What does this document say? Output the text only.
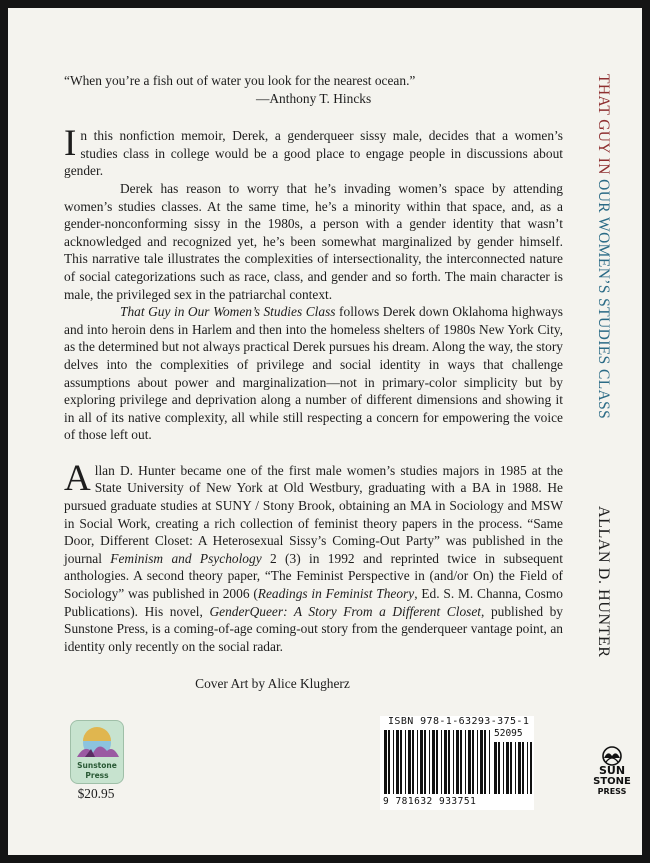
“When you’re a fish out of water you look for the nearest ocean.”

—Anthony T. Hincks

In this nonfiction memoir, Derek, a genderqueer sissy male, decides that a women’s studies class in college would be a good place to engage people in discussions about gender.

Derek has reason to worry that he’s invading women’s space by attending women’s studies classes. At the same time, he’s a minority within that space, and, as a gender-nonconforming sissy in the 1980s, a person with a gender identity that wasn’t acknowledged and recognized yet, he’s been somewhat marginalized by gender himself. This narrative tale illustrates the complexities of intersectionality, the interconnected nature of social categorizations such as race, class, and gender and so forth. The main character is male, the privileged sex in the patriarchal context.

That Guy in Our Women’s Studies Class follows Derek down Oklahoma highways and into heroin dens in Harlem and then into the homeless shelters of 1980s New York City, as the determined but not always practical Derek pursues his dream. Along the way, the story delves into the complexities of privilege and social identity in ways that challenge assumptions about power and marginalization—not in primary-color simplicity but by exploring privilege and deprivation along a number of different dimensions and showing it in all of its native complexity, all while still respecting a concern for empowering the voice of those left out.

Allan D. Hunter became one of the first male women’s studies majors in 1985 at the State University of New York at Old Westbury, graduating with a BA in 1988. He pursued graduate studies at SUNY / Stony Brook, obtaining an MA in Sociology and MSW in Social Work, creating a rich collection of feminist theory papers in the process. “Same Door, Different Closet: A Heterosexual Sissy’s Coming-Out Party” was published in the journal Feminism and Psychology 2 (3) in 1992 and reprinted twice in subsequent anthologies. A second theory paper, “The Feminist Perspective in (and/or On) the Field of Sociology” was published in 2006 (Readings in Feminist Theory, Ed. S. M. Channa, Cosmo Publications). His novel, GenderQueer: A Story From a Different Closet, published by Sunstone Press, is a coming-of-age coming-out story from the genderqueer vantage point, an identity only recently on the social radar.

Cover Art by Alice Klugherz

THAT GUY IN OUR WOMEN’S STUDIES CLASS
ALLAN D. HUNTER
Sunstone
Press
$20.95
ISBN 978-1-63293-375-1
52095
9 781632 933751
SUN
STONE
PRESS
